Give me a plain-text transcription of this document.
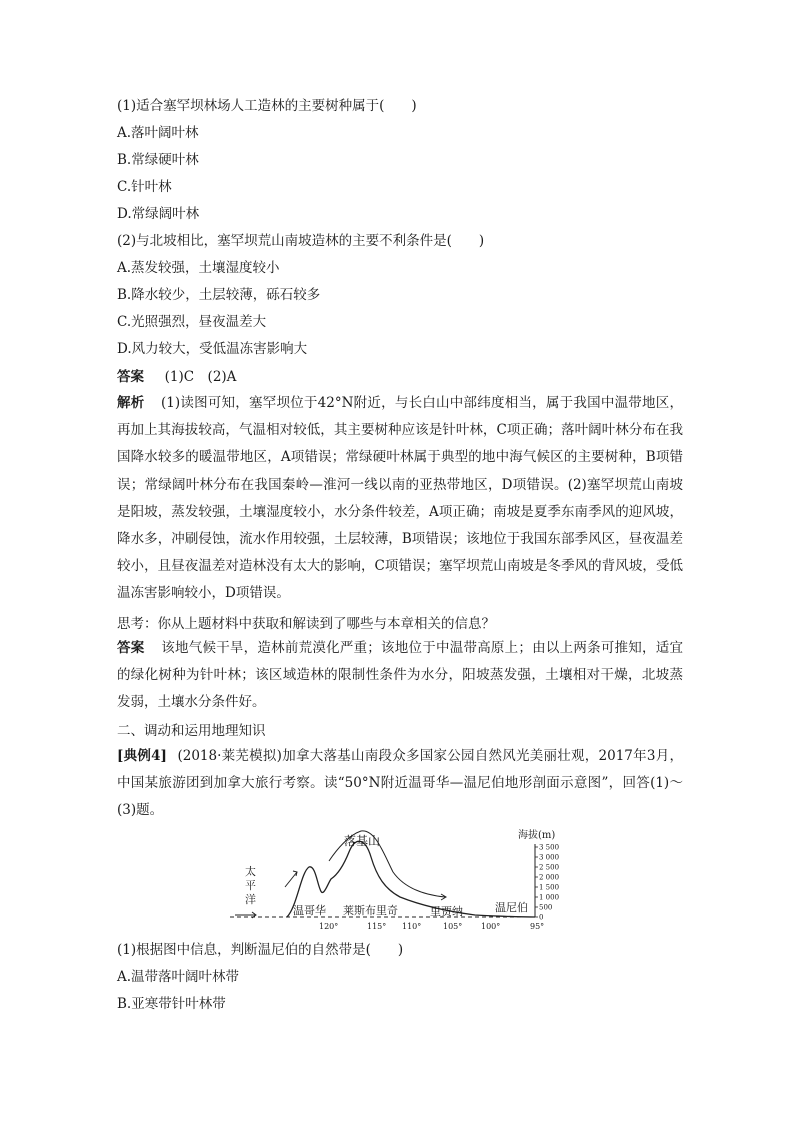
(1)适合塞罕坝林场人工造林的主要树种属于(　　)
A.落叶阔叶林
B.常绿硬叶林
C.针叶林
D.常绿阔叶林
(2)与北坡相比，塞罕坝荒山南坡造林的主要不利条件是(　　)
A.蒸发较强，土壤湿度较小
B.降水较少，土层较薄，砾石较多
C.光照强烈，昼夜温差大
D.风力较大，受低温冻害影响大
答案 (1)C　(2)A
解析 (1)读图可知，塞罕坝位于42°N附近，与长白山中部纬度相当，属于我国中温带地区，再加上其海拔较高，气温相对较低，其主要树种应该是针叶林，C项正确；落叶阔叶林分布在我国降水较多的暖温带地区，A项错误；常绿硬叶林属于典型的地中海气候区的主要树种，B项错误；常绿阔叶林分布在我国秦岭—淮河一线以南的亚热带地区，D项错误。(2)塞罕坝荒山南坡是阳坡，蒸发较强，土壤湿度较小，水分条件较差，A项正确；南坡是夏季东南季风的迎风坡，降水多，冲刷侵蚀，流水作用较强，土层较薄，B项错误；该地位于我国东部季风区，昼夜温差较小，且昼夜温差对造林没有太大的影响，C项错误；塞罕坝荒山南坡是冬季风的背风坡，受低温冻害影响较小，D项错误。
思考：你从上题材料中获取和解读到了哪些与本章相关的信息？
答案 该地气候干旱，造林前荒漠化严重；该地位于中温带高原上；由以上两条可推知，适宜的绿化树种为针叶林；该区域造林的限制性条件为水分，阳坡蒸发强，土壤相对干燥，北坡蒸发弱，土壤水分条件好。
二、调动和运用地理知识
[典例4] (2018·莱芜模拟)加拿大落基山南段众多国家公园自然风光美丽壮观，2017年3月，中国某旅游团到加拿大旅行考察。读“50°N附近温哥华—温尼伯地形剖面示意图”，回答(1)～(3)题。
落基山
太
平
洋
温哥华 莱斯布里奇	里贾纳	温尼伯
120°	115° 110°	105° 100°	95°
海拔(m)
3 500
3 000
2 500
2 000
1 500
1 000
500
0
(1)根据图中信息，判断温尼伯的自然带是(　　)
A.温带落叶阔叶林带
B.亚寒带针叶林带
